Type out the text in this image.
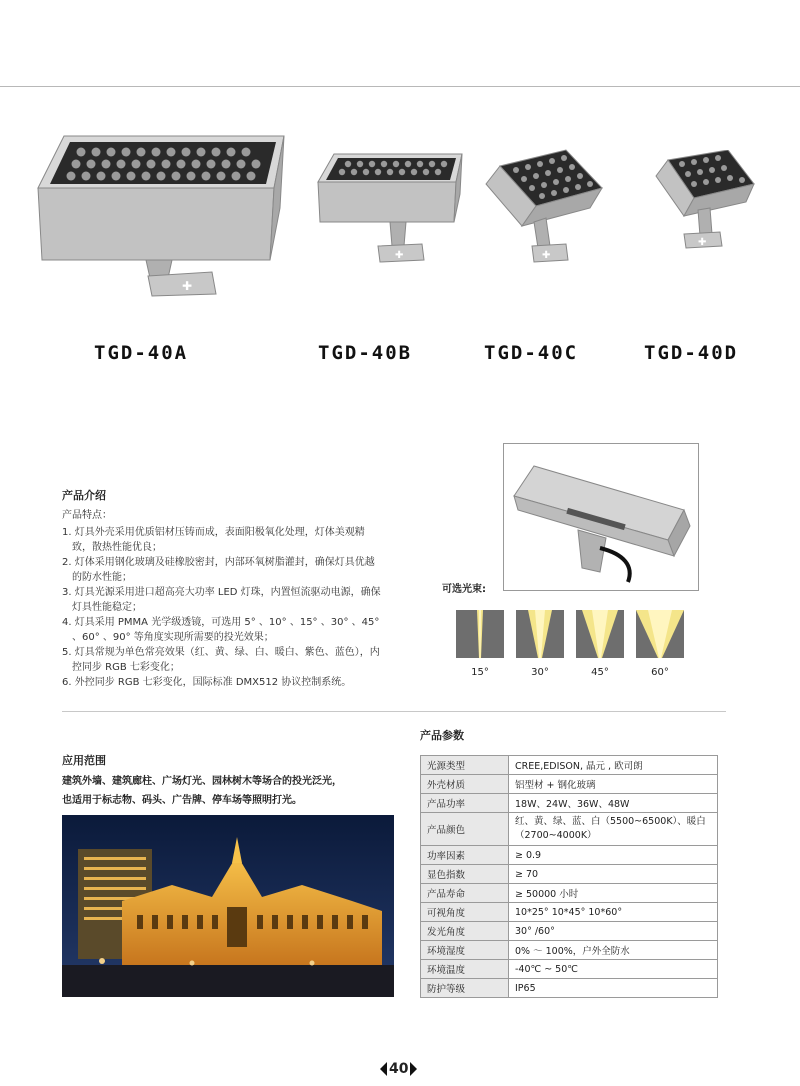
✚
TGD-40A
✚
TGD-40B
✚
TGD-40C
✚
TGD-40D
产品介绍
产品特点：
1. 灯具外壳采用优质铝材压铸而成，表面阳极氧化处理，灯体美观精致，散热性能优良；
2. 灯体采用钢化玻璃及硅橡胶密封，内部环氧树脂灌封，确保灯具优越的防水性能；
3. 灯具光源采用进口超高亮大功率 LED 灯珠，内置恒流驱动电源，确保灯具性能稳定；
4. 灯具采用 PMMA 光学级透镜，可选用 5° 、10° 、15° 、30° 、45° 、60° 、90° 等角度实现所需要的投光效果；
5. 灯具常规为单色常亮效果（红、黄、绿、白、暖白、紫色、蓝色），内控同步 RGB 七彩变化；
6. 外控同步 RGB 七彩变化，国际标准 DMX512 协议控制系统。
可选光束:
15°	30°	45°	60°
应用范围
建筑外墙、建筑廊柱、广场灯光、园林树木等场合的投光泛光，
也适用于标志物、码头、广告牌、停车场等照明打光。
产品参数
光源类型	CREE,EDISON, 晶元 , 欧司朗
外壳材质	铝型材 + 钢化玻璃
产品功率	18W、24W、36W、48W
产品颜色	红、黄、绿、蓝、白（5500~6500K）、暖白（2700~4000K）
功率因素	≥ 0.9
显色指数	≥ 70
产品寿命	≥ 50000 小时
可视角度	10*25° 10*45° 10*60°
发光角度	30° /60°
环境湿度	0% ～ 100%，户外全防水
环境温度	-40℃ ~ 50℃
防护等级	IP65
40
